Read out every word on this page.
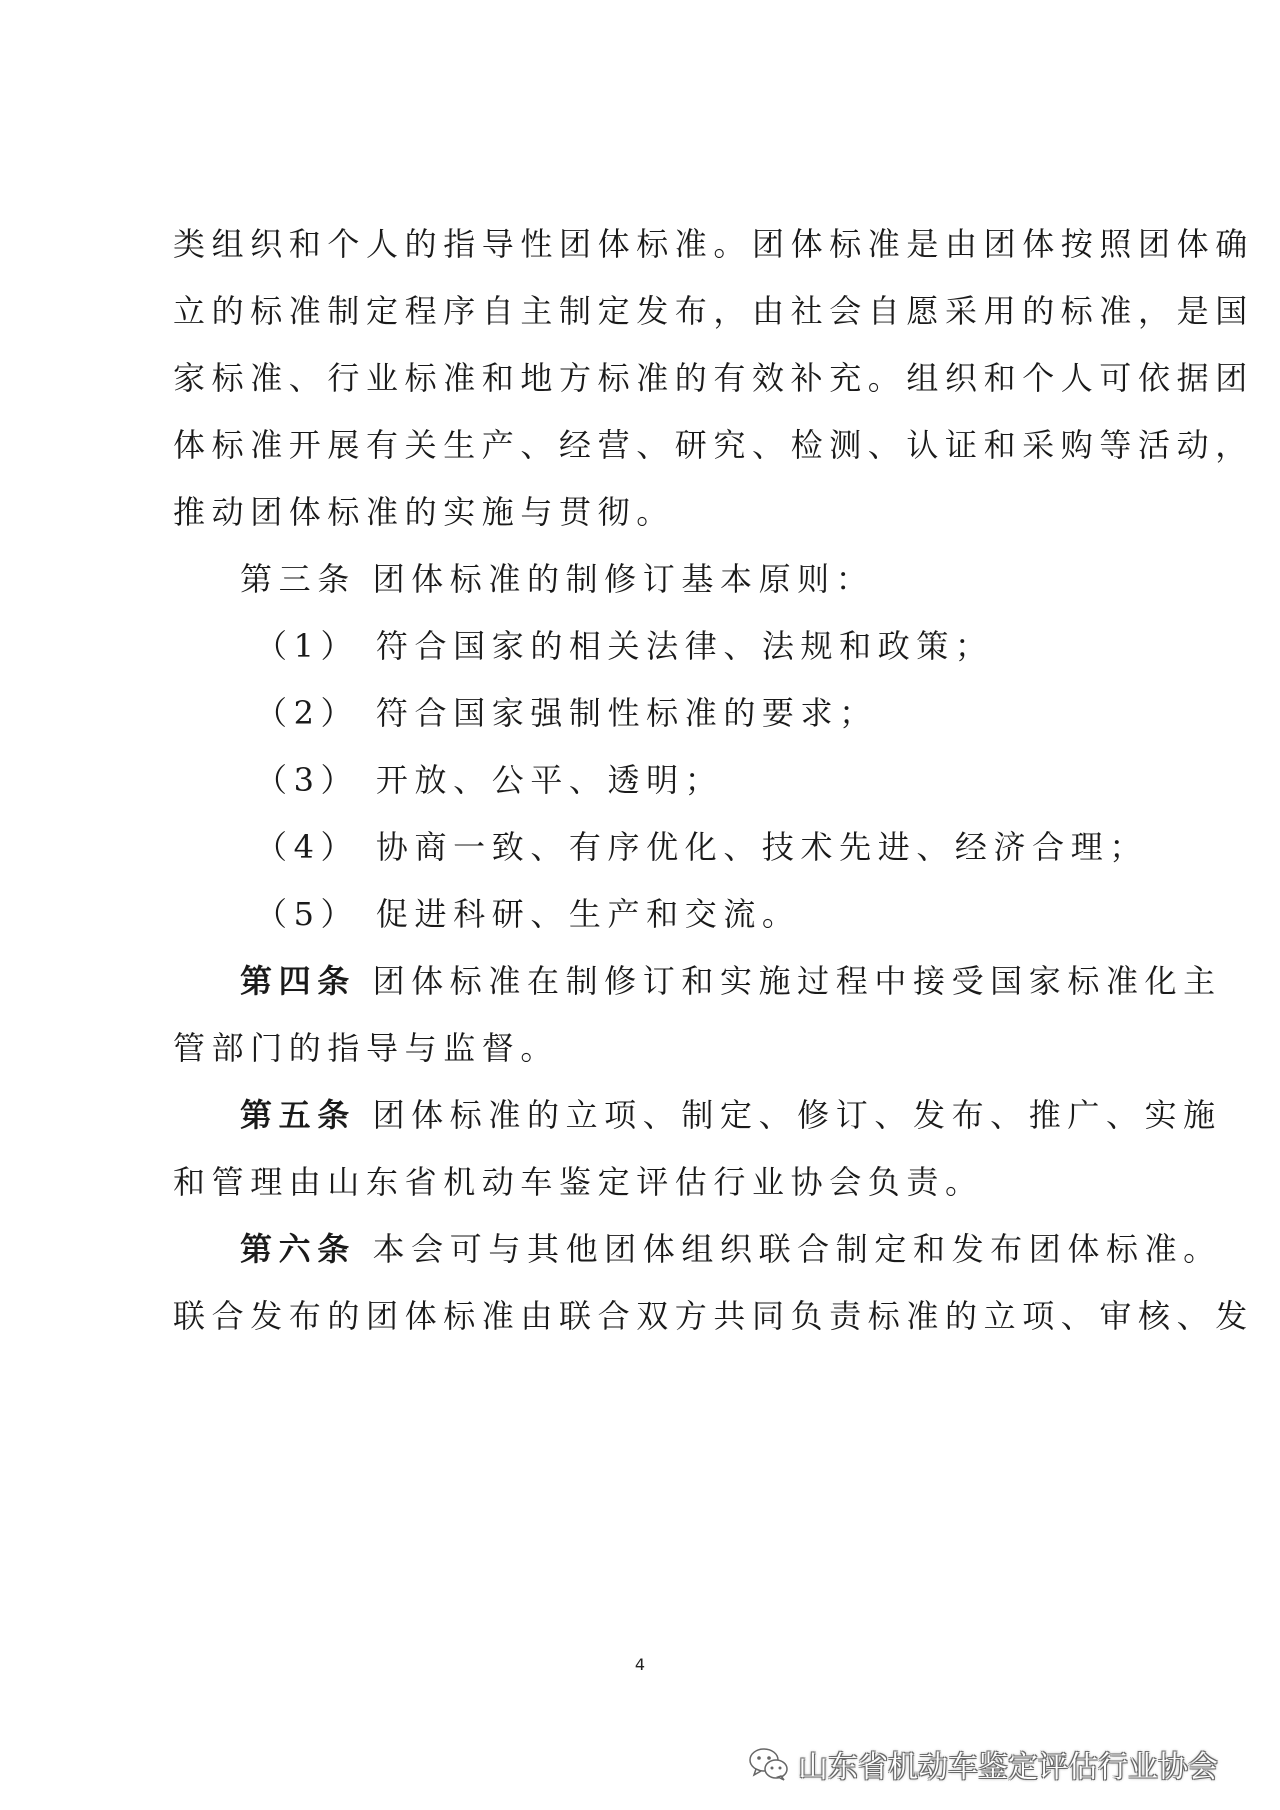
类组织和个人的指导性团体标准。团体标准是由团体按照团体确
立的标准制定程序自主制定发布，由社会自愿采用的标准，是国
家标准、行业标准和地方标准的有效补充。组织和个人可依据团
体标准开展有关生产、经营、研究、检测、认证和采购等活动，
推动团体标准的实施与贯彻。
第三条 团体标准的制修订基本原则：
（1） 符合国家的相关法律、法规和政策；
（2） 符合国家强制性标准的要求；
（3） 开放、公平、透明；
（4） 协商一致、有序优化、技术先进、经济合理；
（5） 促进科研、生产和交流。
第四条 团体标准在制修订和实施过程中接受国家标准化主
管部门的指导与监督。
第五条 团体标准的立项、制定、修订、发布、推广、实施
和管理由山东省机动车鉴定评估行业协会负责。
第六条 本会可与其他团体组织联合制定和发布团体标准。
联合发布的团体标准由联合双方共同负责标准的立项、审核、发
4
山东省机动车鉴定评估行业协会
